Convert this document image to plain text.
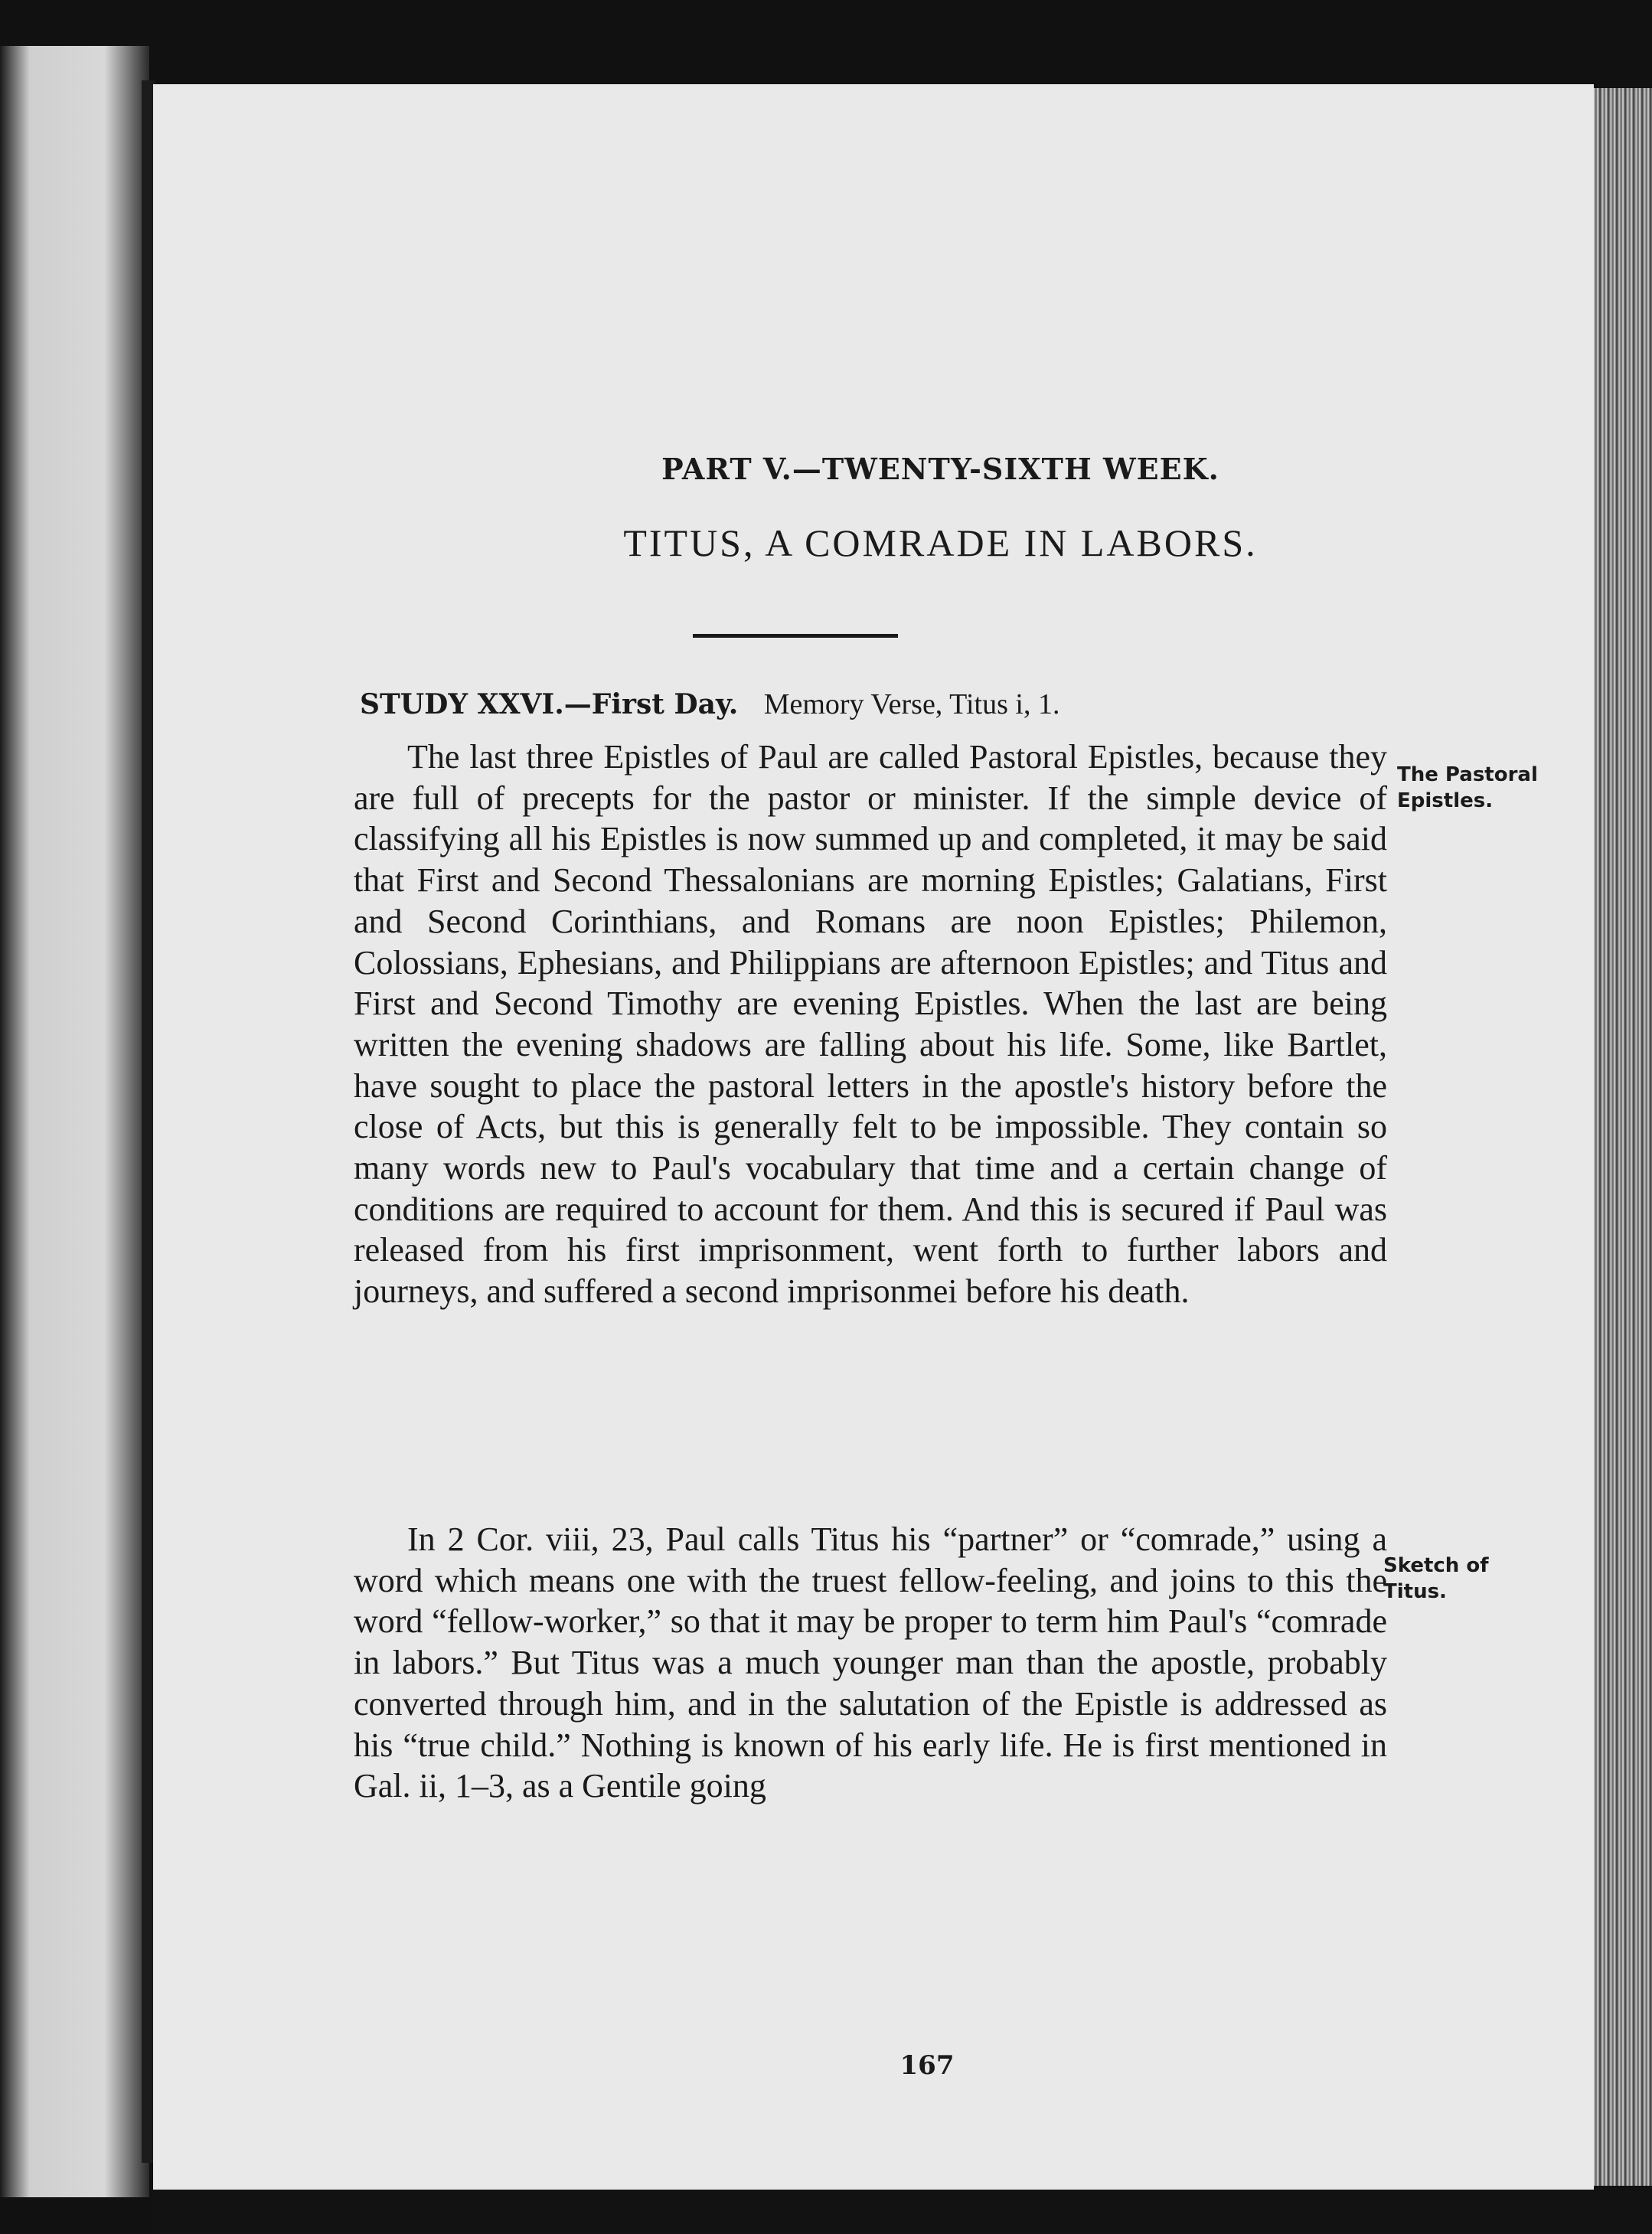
PART V.—TWENTY-SIXTH WEEK.
TITUS, A COMRADE IN LABORS.
STUDY XXVI.—First Day. Memory Verse, Titus i, 1.
The last three Epistles of Paul are called Pastoral Epistles, because they are full of precepts for the pastor or minister. If the simple device of classifying all his Epistles is now summed up and completed, it may be said that First and Second Thessalonians are morning Epistles; Galatians, First and Second Corinthians, and Romans are noon Epistles; Philemon, Colossians, Ephesians, and Philippians are afternoon Epistles; and Titus and First and Second Timothy are evening Epistles. When the last are being written the evening shadows are falling about his life. Some, like Bartlet, have sought to place the pastoral letters in the apostle's history before the close of Acts, but this is generally felt to be impossible. They contain so many words new to Paul's vocabulary that time and a certain change of conditions are required to account for them. And this is secured if Paul was released from his first imprisonment, went forth to further labors and journeys, and suffered a second imprisonmei before his death.
The Pastoral
Epistles.
In 2 Cor. viii, 23, Paul calls Titus his “partner” or “comrade,” using a word which means one with the truest fellow-feeling, and joins to this the word “fellow-worker,” so that it may be proper to term him Paul's “comrade in labors.” But Titus was a much younger man than the apostle, probably converted through him, and in the salutation of the Epistle is addressed as his “true child.” Nothing is known of his early life. He is first mentioned in Gal. ii, 1–3, as a Gentile going
Sketch of
Titus.
167
